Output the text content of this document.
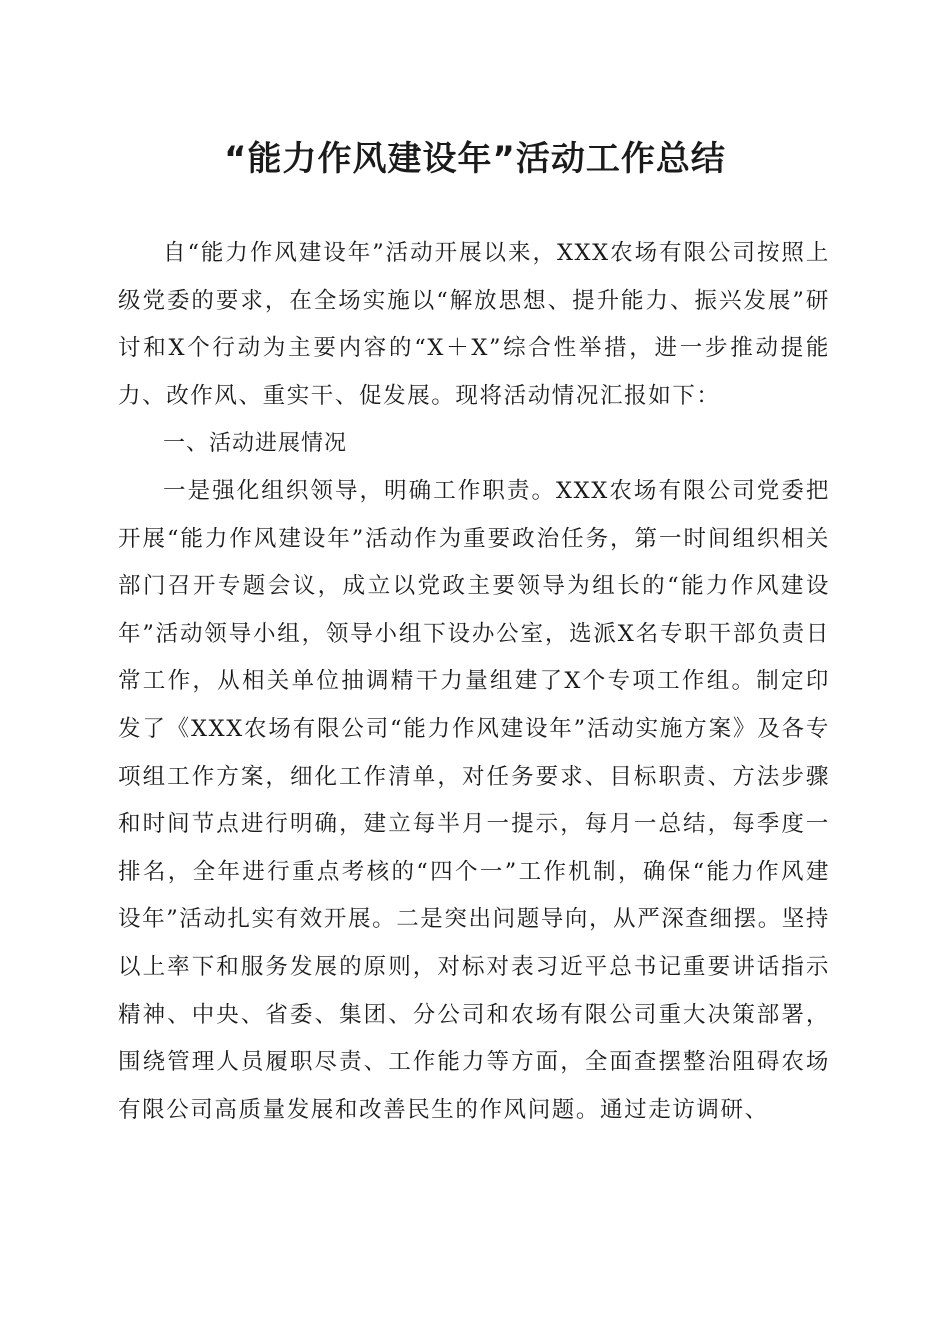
“能力作风建设年”活动工作总结

自“能力作风建设年”活动开展以来，XXX农场有限公司按照上级党委的要求，在全场实施以“解放思想、提升能力、振兴发展”研讨和X个行动为主要内容的“X＋X”综合性举措，进一步推动提能力、改作风、重实干、促发展。现将活动情况汇报如下：

一、活动进展情况

一是强化组织领导，明确工作职责。XXX农场有限公司党委把开展“能力作风建设年”活动作为重要政治任务，第一时间组织相关部门召开专题会议，成立以党政主要领导为组长的“能力作风建设年”活动领导小组，领导小组下设办公室，选派X名专职干部负责日常工作，从相关单位抽调精干力量组建了X个专项工作组。制定印发了《XXX农场有限公司“能力作风建设年”活动实施方案》及各专项组工作方案，细化工作清单，对任务要求、目标职责、方法步骤和时间节点进行明确，建立每半月一提示，每月一总结，每季度一排名，全年进行重点考核的“四个一”工作机制，确保“能力作风建设年”活动扎实有效开展。二是突出问题导向，从严深查细摆。坚持以上率下和服务发展的原则，对标对表习近平总书记重要讲话指示精神、中央、省委、集团、分公司和农场有限公司重大决策部署，围绕管理人员履职尽责、工作能力等方面，全面查摆整治阻碍农场有限公司高质量发展和改善民生的作风问题。通过走访调研、
